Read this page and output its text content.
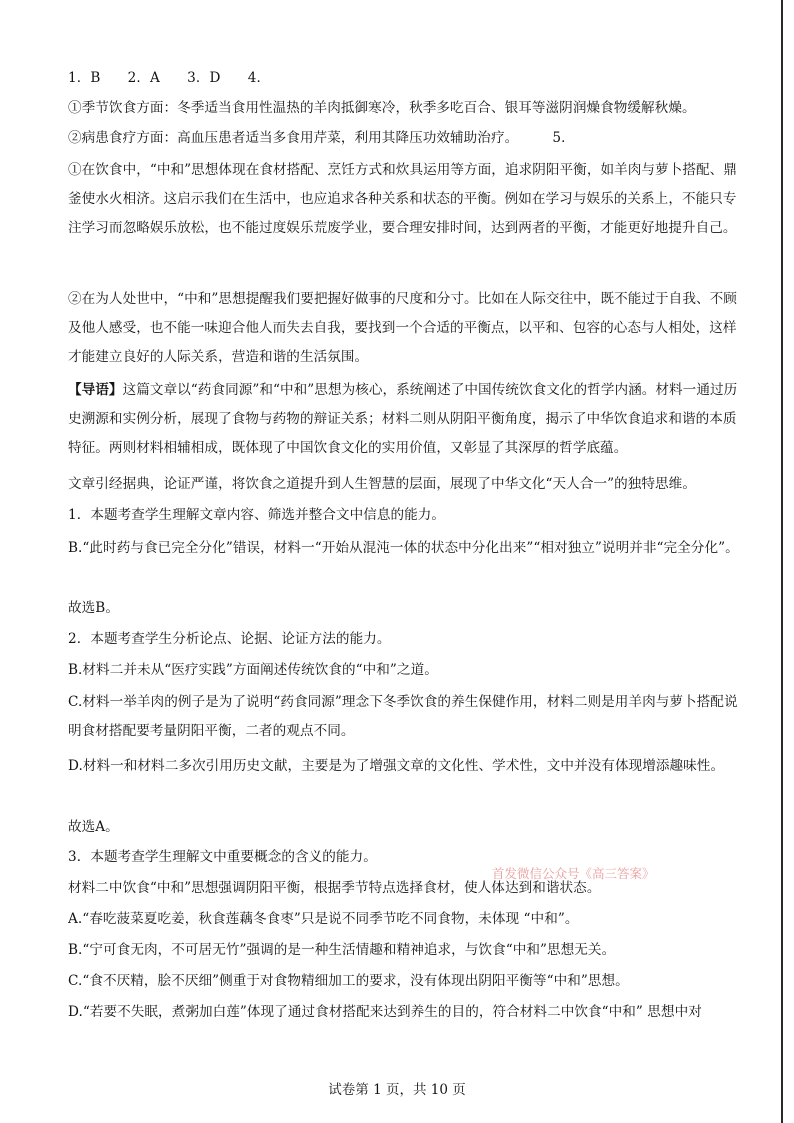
1．B　　2．A　　3．D　　4．
①季节饮食方面：冬季适当食用性温热的羊肉抵御寒冷，秋季多吃百合、银耳等滋阴润燥食物缓解秋燥。
②病患食疗方面：高血压患者适当多食用芹菜，利用其降压功效辅助治疗。　　　5．
①在饮食中，“中和”思想体现在食材搭配、烹饪方式和炊具运用等方面，追求阴阳平衡，如羊肉与萝卜搭配、鼎釜使水火相济。这启示我们在生活中，也应追求各种关系和状态的平衡。例如在学习与娱乐的关系上，不能只专注学习而忽略娱乐放松，也不能过度娱乐荒废学业，要合理安排时间，达到两者的平衡，才能更好地提升自己。
②在为人处世中，“中和”思想提醒我们要把握好做事的尺度和分寸。比如在人际交往中，既不能过于自我、不顾及他人感受，也不能一味迎合他人而失去自我，要找到一个合适的平衡点，以平和、包容的心态与人相处，这样才能建立良好的人际关系，营造和谐的生活氛围。
【导语】这篇文章以“药食同源”和“中和”思想为核心，系统阐述了中国传统饮食文化的哲学内涵。材料一通过历史溯源和实例分析，展现了食物与药物的辩证关系；材料二则从阴阳平衡角度，揭示了中华饮食追求和谐的本质特征。两则材料相辅相成，既体现了中国饮食文化的实用价值，又彰显了其深厚的哲学底蕴。
文章引经据典，论证严谨，将饮食之道提升到人生智慧的层面，展现了中华文化“天人合一”的独特思维。
1．本题考查学生理解文章内容、筛选并整合文中信息的能力。
B.“此时药与食已完全分化”错误，材料一“开始从混沌一体的状态中分化出来”“相对独立”说明并非“完全分化”。
故选B。
2．本题考查学生分析论点、论据、论证方法的能力。
B.材料二并未从“医疗实践”方面阐述传统饮食的“中和”之道。
C.材料一举羊肉的例子是为了说明“药食同源”理念下冬季饮食的养生保健作用，材料二则是用羊肉与萝卜搭配说明食材搭配要考量阴阳平衡，二者的观点不同。
D.材料一和材料二多次引用历史文献，主要是为了增强文章的文化性、学术性，文中并没有体现增添趣味性。
故选A。
3．本题考查学生理解文中重要概念的含义的能力。
材料二中饮食“中和”思想强调阴阳平衡，根据季节特点选择食材，使人体达到和谐状态。
A.“春吃菠菜夏吃姜，秋食莲藕冬食枣”只是说不同季节吃不同食物，未体现 “中和”。
B.“宁可食无肉，不可居无竹”强调的是一种生活情趣和精神追求，与饮食“中和”思想无关。
C.“食不厌精，脍不厌细”侧重于对食物精细加工的要求，没有体现出阴阳平衡等“中和”思想。
D.“若要不失眠，煮粥加白莲”体现了通过食材搭配来达到养生的目的，符合材料二中饮食“中和” 思想中对
首发微信公众号《高三答案》
试卷第 1 页，共 10 页
